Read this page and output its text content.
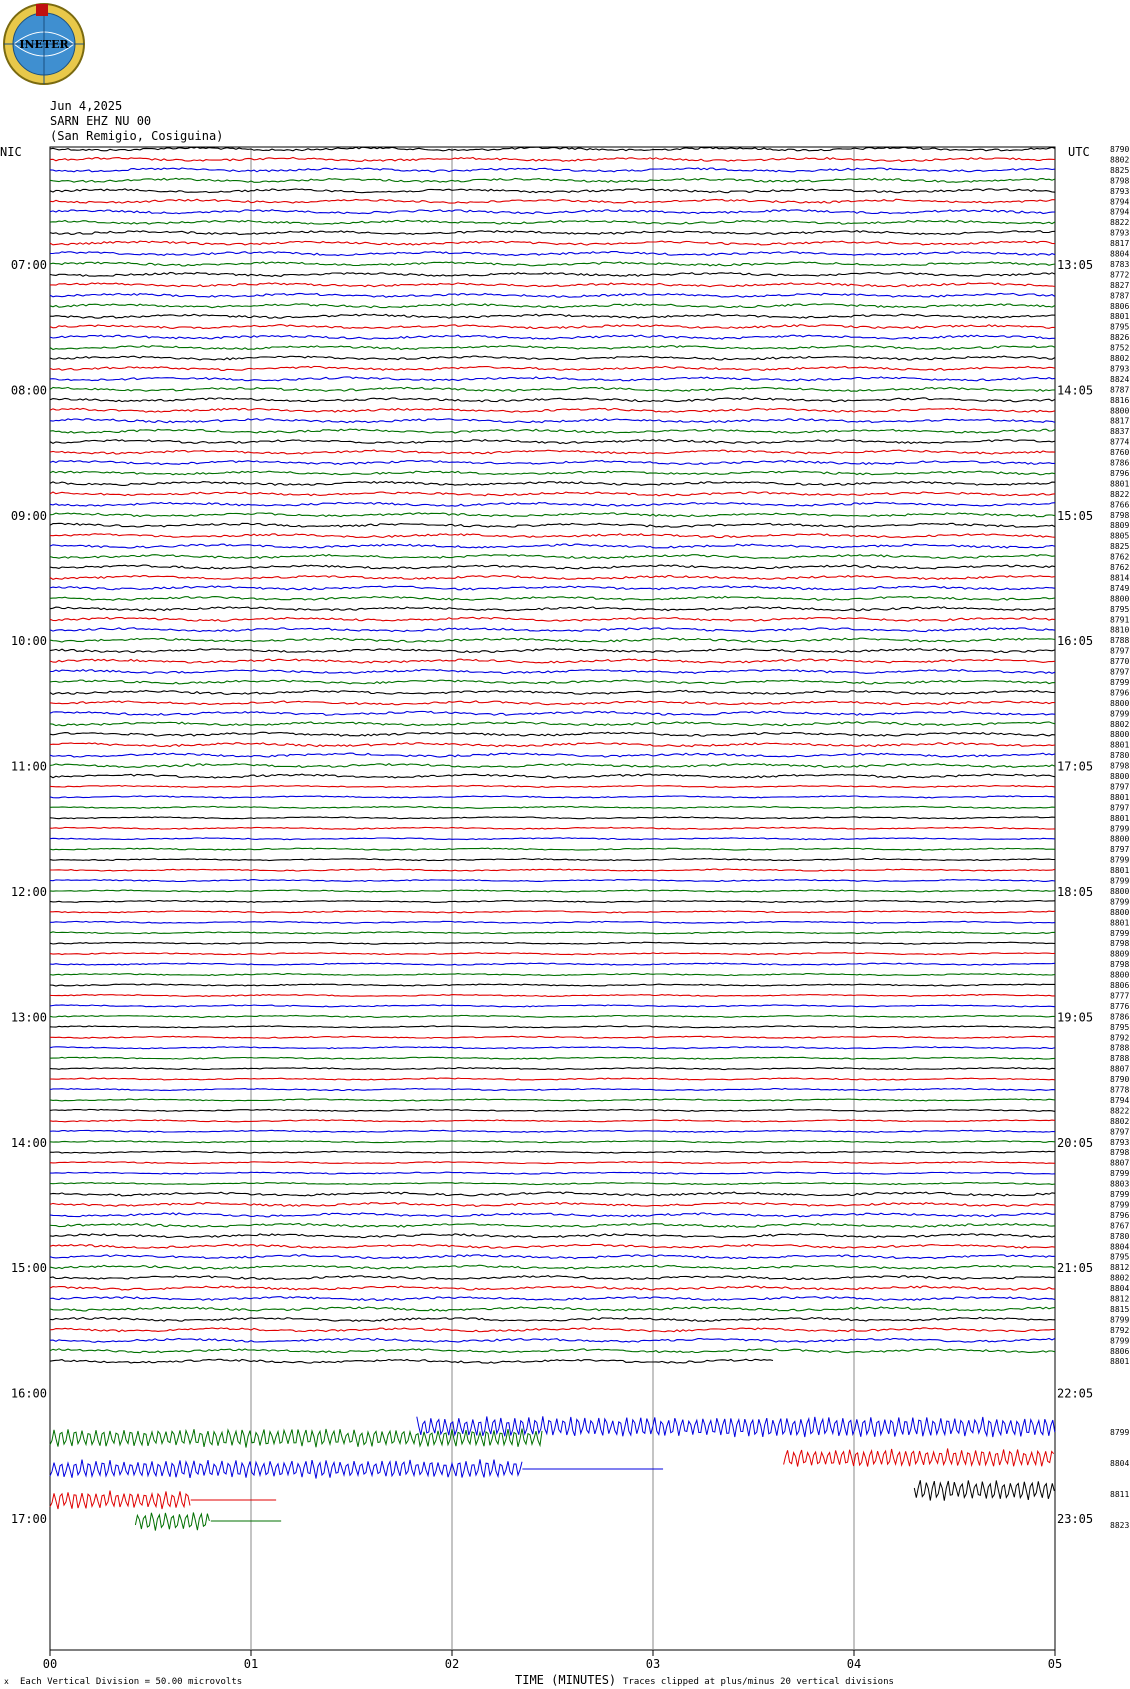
INETER
Jun 4,2025
SARN EHZ NU 00
(San Remigio, Cosiguina)
00	01	02	03	04	05
NIC	UTC
07:00	13:05
08:00	14:05
09:00	15:05
10:00	16:05
11:00	17:05
12:00	18:05
13:00	19:05
14:00	20:05
15:00	21:05
16:00	22:05
17:00	23:05
8790
8802
8825
8798
8793
8794
8794
8822
8793
8817
8804
8783
8772
8827
8787
8806
8801
8795
8826
8752
8802
8793
8824
8787
8816
8800
8817
8837
8774
8760
8786
8796
8801
8822
8766
8798
8809
8805
8825
8762
8762
8814
8749
8800
8795
8791
8810
8788
8797
8770
8797
8799
8796
8800
8799
8802
8800
8801
8780
8798
8800
8797
8801
8797
8801
8799
8800
8797
8799
8801
8799
8800
8799
8800
8801
8799
8798
8809
8798
8800
8806
8777
8776
8786
8795
8792
8788
8788
8807
8790
8778
8794
8822
8802
8797
8793
8798
8807
8799
8803
8799
8799
8796
8767
8780
8804
8795
8812
8802
8804
8812
8815
8799
8792
8799
8806
8801
8799
8804
8811
8823
x Each Vertical Division = 50.00 microvolts	TIME (MINUTES) Traces clipped at plus/minus 20 vertical divisions
